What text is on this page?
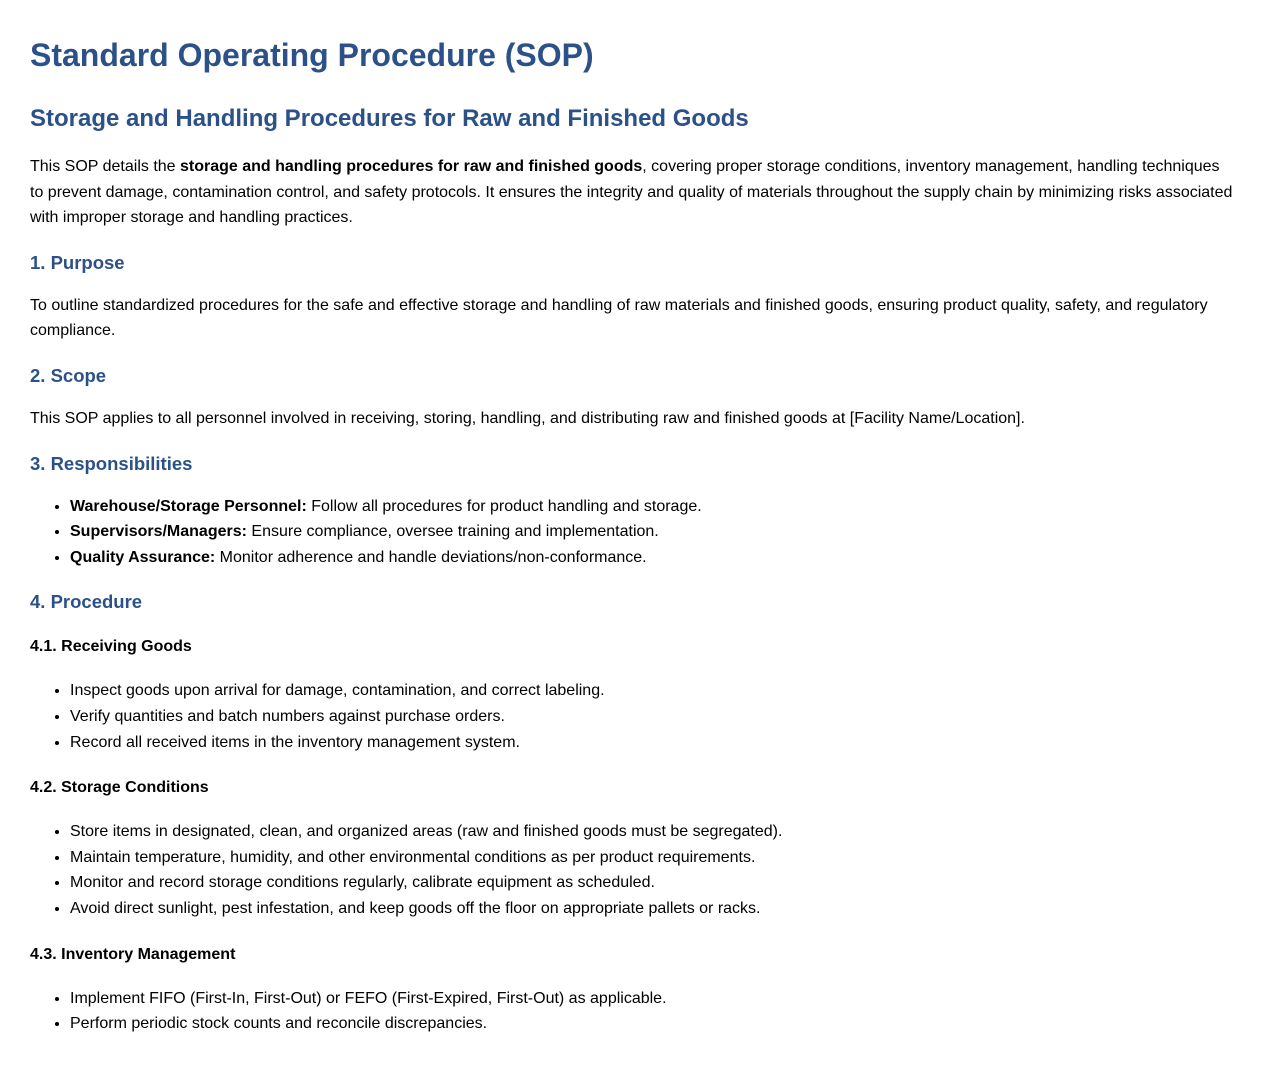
Standard Operating Procedure (SOP)
Storage and Handling Procedures for Raw and Finished Goods

This SOP details the storage and handling procedures for raw and finished goods, covering proper storage conditions, inventory management, handling techniques to prevent damage, contamination control, and safety protocols. It ensures the integrity and quality of materials throughout the supply chain by minimizing risks associated with improper storage and handling practices.

1. Purpose

To outline standardized procedures for the safe and effective storage and handling of raw materials and finished goods, ensuring product quality, safety, and regulatory compliance.

2. Scope

This SOP applies to all personnel involved in receiving, storing, handling, and distributing raw and finished goods at [Facility Name/Location].

3. Responsibilities
• Warehouse/Storage Personnel: Follow all procedures for product handling and storage.
• Supervisors/Managers: Ensure compliance, oversee training and implementation.
• Quality Assurance: Monitor adherence and handle deviations/non-conformance.
4. Procedure
4.1. Receiving Goods
• Inspect goods upon arrival for damage, contamination, and correct labeling.
• Verify quantities and batch numbers against purchase orders.
• Record all received items in the inventory management system.
4.2. Storage Conditions
• Store items in designated, clean, and organized areas (raw and finished goods must be segregated).
• Maintain temperature, humidity, and other environmental conditions as per product requirements.
• Monitor and record storage conditions regularly, calibrate equipment as scheduled.
• Avoid direct sunlight, pest infestation, and keep goods off the floor on appropriate pallets or racks.
4.3. Inventory Management
• Implement FIFO (First-In, First-Out) or FEFO (First-Expired, First-Out) as applicable.
• Perform periodic stock counts and reconcile discrepancies.
